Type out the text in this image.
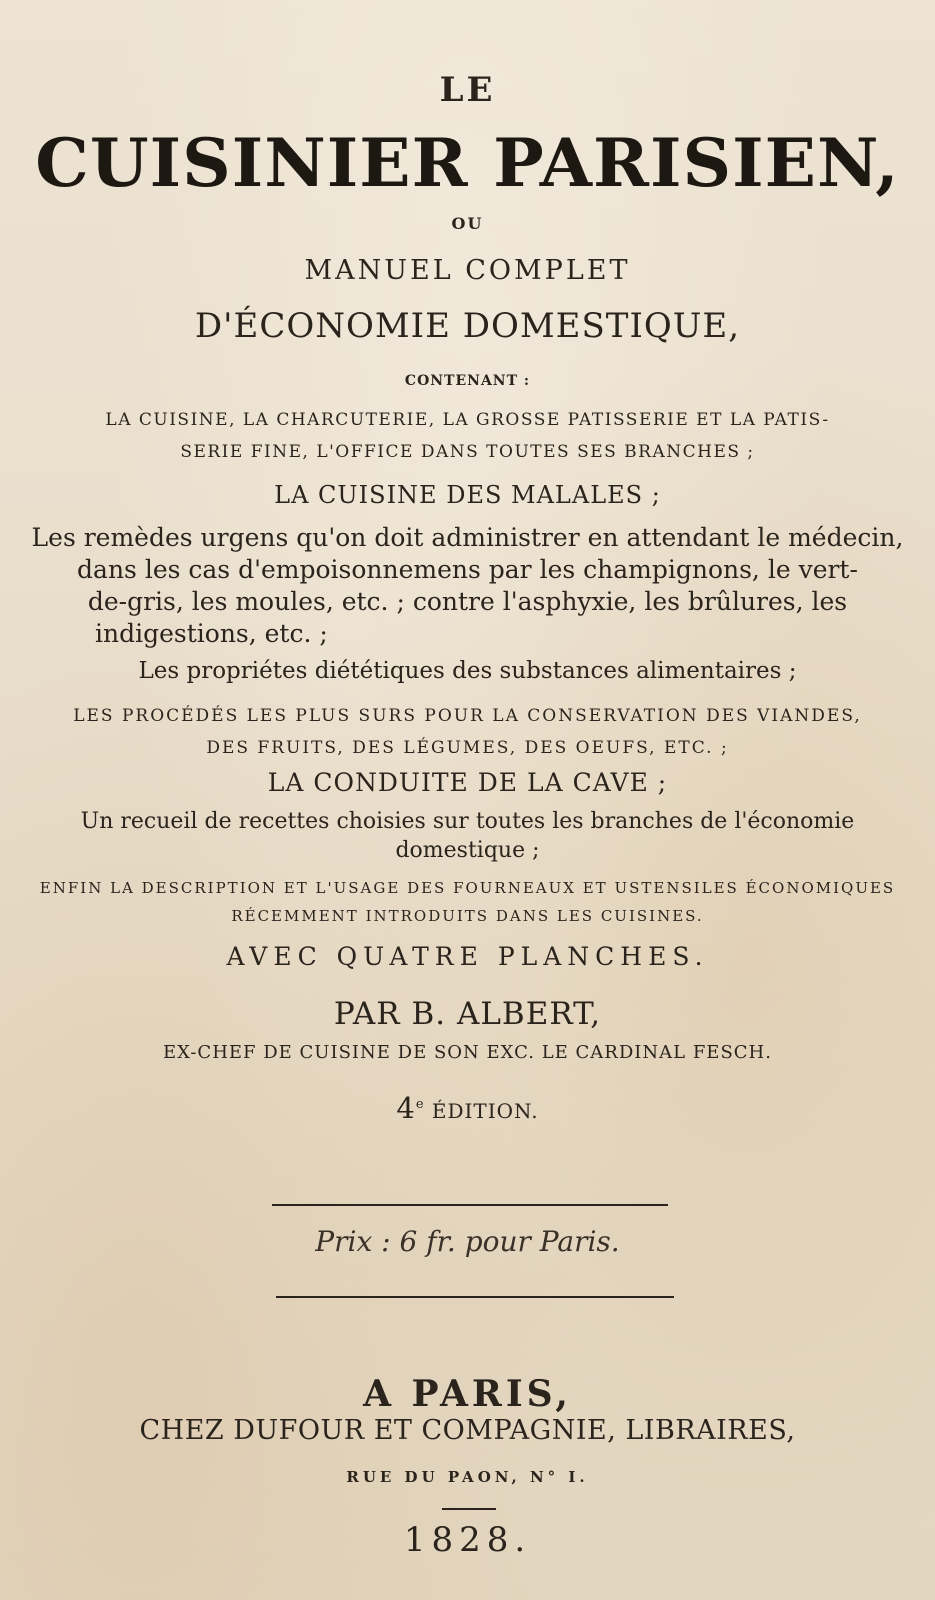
LE
CUISINIER PARISIEN,
OU
MANUEL COMPLET
D'ÉCONOMIE DOMESTIQUE,
CONTENANT :
LA CUISINE, LA CHARCUTERIE, LA GROSSE PATISSERIE ET LA PATIS-
SERIE FINE, L'OFFICE DANS TOUTES SES BRANCHES ;
LA CUISINE DES MALALES ;
Les remèdes urgens qu'on doit administrer en attendant le médecin,
dans les cas d'empoisonnemens par les champignons, le vert-
de-gris, les moules, etc. ; contre l'asphyxie, les brûlures, les
indigestions, etc. ;
Les propriétes diététiques des substances alimentaires ;
LES PROCÉDÉS LES PLUS SURS POUR LA CONSERVATION DES VIANDES,
DES FRUITS, DES LÉGUMES, DES OEUFS, ETC. ;
LA CONDUITE DE LA CAVE ;
Un recueil de recettes choisies sur toutes les branches de l'économie
domestique ;
ENFIN LA DESCRIPTION ET L'USAGE DES FOURNEAUX ET USTENSILES ÉCONOMIQUES
RÉCEMMENT INTRODUITS DANS LES CUISINES.
AVEC QUATRE PLANCHES.
PAR B. ALBERT,
EX-CHEF DE CUISINE DE SON EXC. LE CARDINAL FESCH.
4e ÉDITION.
Prix : 6 fr. pour Paris.
A PARIS,
CHEZ DUFOUR ET COMPAGNIE, LIBRAIRES,
RUE DU PAON, N° I.
1828.
